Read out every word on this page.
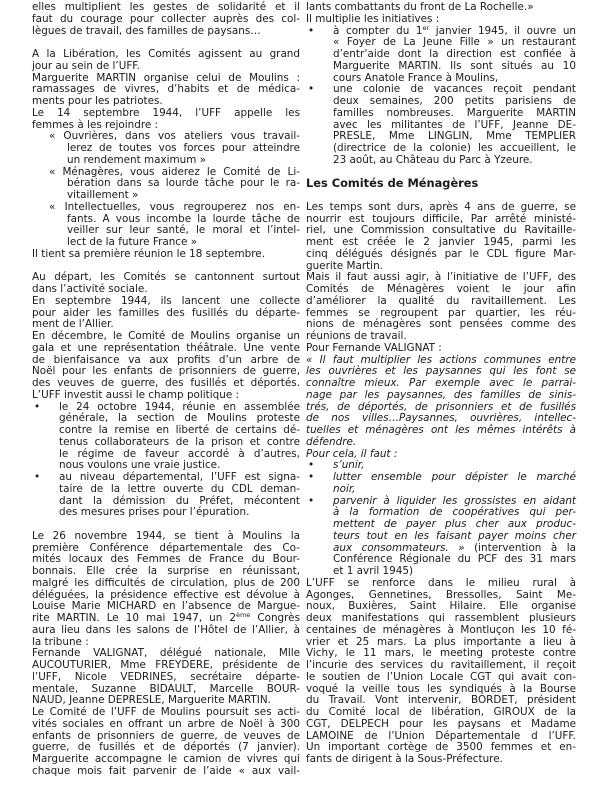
elles multiplient les gestes de solidarité et il
faut du courage pour collecter auprès des col-
lègues de travail, des familles de paysans…
A la Libération, les Comités agissent au grand
jour au sein de l’UFF.
Marguerite MARTIN organise celui de Moulins :
ramassages de vivres, d’habits et de médica-
ments pour les patriotes.
Le 14 septembre 1944, l’UFF appelle les
femmes à les rejoindre :
« Ouvrières, dans vos ateliers vous travail-
lerez de toutes vos forces pour atteindre
un rendement maximum »
« Ménagères, vous aiderez le Comité de Li-
bération dans sa lourde tâche pour le ra-
vitaillement »
« Intellectuelles, vous regrouperez nos en-
fants. A vous incombe la lourde tâche de
veiller sur leur santé, le moral et l’intel-
lect de la future France »
Il tient sa première réunion le 18 septembre.
Au départ, les Comités se cantonnent surtout
dans l’activité sociale.
En septembre 1944, ils lancent une collecte
pour aider les familles des fusillés du départe-
ment de l’Allier.
En décembre, le Comité de Moulins organise un
gala et une représentation théâtrale. Une vente
de bienfaisance va aux profits d’un arbre de
Noël pour les enfants de prisonniers de guerre,
des veuves de guerre, des fusillés et déportés.
L’UFF investit aussi le champ politique :
• le 24 octobre 1944, réunie en assemblée
générale, la section de Moulins proteste
contre la remise en liberté de certains dé-
tenus collaborateurs de la prison et contre
le régime de faveur accordé à d’autres,
nous voulons une vraie justice.
• au niveau départemental, l’UFF est signa-
taire de la lettre ouverte du CDL deman-
dant la démission du Préfet, mécontent
des mesures prises pour l’épuration.
Le 26 novembre 1944, se tient à Moulins la
première Conférence départementale des Co-
mités locaux des Femmes de France du Bour-
bonnais. Elle crée la surprise en réunissant,
malgré les difficultés de circulation, plus de 200
déléguées, la présidence effective est dévolue à
Louise Marie MICHARD en l’absence de Margue-
rite MARTIN. Le 10 mai 1947, un 2ème Congrès
aura lieu dans les salons de l’Hôtel de l’Allier, à
la tribune :
Fernande VALIGNAT, délégué nationale, Mlle
AUCOUTURIER, Mme FREYDERE, présidente de
l’UFF, Nicole VEDRINES, secrétaire départe-
mentale, Suzanne BIDAULT, Marcelle BOUR-
NAUD, Jeanne DEPRESLE, Marguerite MARTIN.
Le Comité de l’UFF de Moulins poursuit ses acti-
vités sociales en offrant un arbre de Noël à 300
enfants de prisonniers de guerre, de veuves de
guerre, de fusillés et de déportés (7 janvier).
Marguerite accompagne le camion de vivres qui
chaque mois fait parvenir de l’aide « aux vail-
lants combattants du front de La Rochelle.»
Il multiplie les initiatives :
• à compter du 1er janvier 1945, il ouvre un
« Foyer de La Jeune Fille » un restaurant
d’entr’aide dont la direction est confiée à
Marguerite MARTIN. Ils sont situés au 10
cours Anatole France à Moulins,
• une colonie de vacances reçoit pendant
deux semaines, 200 petits parisiens de
familles nombreuses. Marguerite MARTIN
avec les militantes de l’UFF, Jeanne DE-
PRESLE, Mme LINGLIN, Mme TEMPLIER
(directrice de la colonie) les accueillent, le
23 août, au Château du Parc à Yzeure.
Les Comités de Ménagères
Les temps sont durs, après 4 ans de guerre, se
nourrir est toujours difficile, Par arrêté ministé-
riel, une Commission consultative du Ravitaille-
ment est créée le 2 janvier 1945, parmi les
cinq délégués désignés par le CDL figure Mar-
guerite Martin.
Mais il faut aussi agir, à l’initiative de l’UFF, des
Comités de Ménagères voient le jour afin
d’améliorer la qualité du ravitaillement. Les
femmes se regroupent par quartier, les réu-
nions de ménagères sont pensées comme des
réunions de travail.
Pour Fernande VALIGNAT :
« Il faut multiplier les actions communes entre
les ouvrières et les paysannes qui les font se
connaître mieux. Par exemple avec le parrai-
nage par les paysannes, des familles de sinis-
trés, de déportés, de prisonniers et de fusillés
de nos villes…Paysannes, ouvrières, intellec-
tuelles et ménagères ont les mêmes intérêts à
défendre.
Pour cela, il faut :
• s’unir,
• lutter ensemble pour dépister le marché
noir,
• parvenir à liquider les grossistes en aidant
à la formation de coopératives qui per-
mettent de payer plus cher aux produc-
teurs tout en les faisant payer moins cher
aux consommateurs. » (intervention à la
Conférence Régionale du PCF des 31 mars
et 1 avril 1945)
L’UFF se renforce dans le milieu rural à
Agonges, Gennetines, Bressolles, Saint Me-
noux, Buxières, Saint Hilaire. Elle organise
deux manifestations qui rassemblent plusieurs
centaines de ménagères à Montluçon les 10 fé-
vrier et 25 mars. La plus importante a lieu à
Vichy, le 11 mars, le meeting proteste contre
l’incurie des services du ravitaillement, il reçoit
le soutien de l’Union Locale CGT qui avait con-
voqué la veille tous les syndiqués à la Bourse
du Travail. Vont intervenir, BORDET, président
du Comité local de libération, GIROUX de la
CGT, DELPECH pour les paysans et Madame
LAMOINE de l’Union Départementale d l’UFF.
Un important cortège de 3500 femmes et en-
fants de dirigent à la Sous-Préfecture.
